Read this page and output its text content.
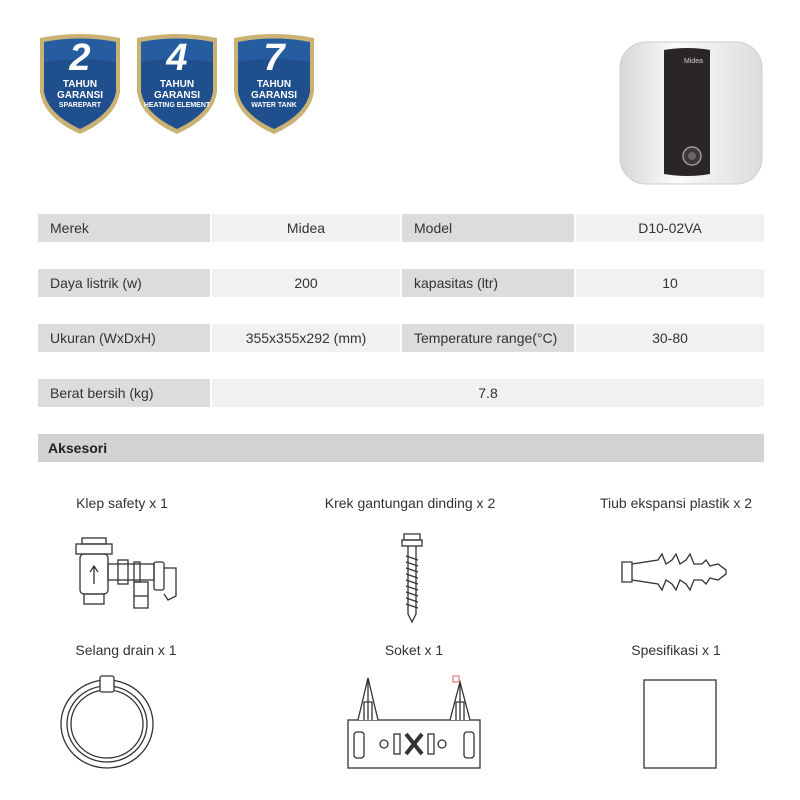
2
TAHUN
GARANSI
SPAREPART
4
TAHUN
GARANSI
HEATING ELEMENT
7
TAHUN
GARANSI
WATER TANK
Midea
Merek	Midea	Model	D10-02VA
Daya listrik (w)	200	kapasitas (ltr)	10
Ukuran (WxDxH)	355x355x292 (mm)	Temperature range(°C)	30-80
Berat bersih (kg)	7.8
Aksesori
Klep safety x 1	Krek gantungan dinding x 2	Tiub ekspansi plastik x 2
Selang drain x 1	Soket x 1	Spesifikasi x 1
